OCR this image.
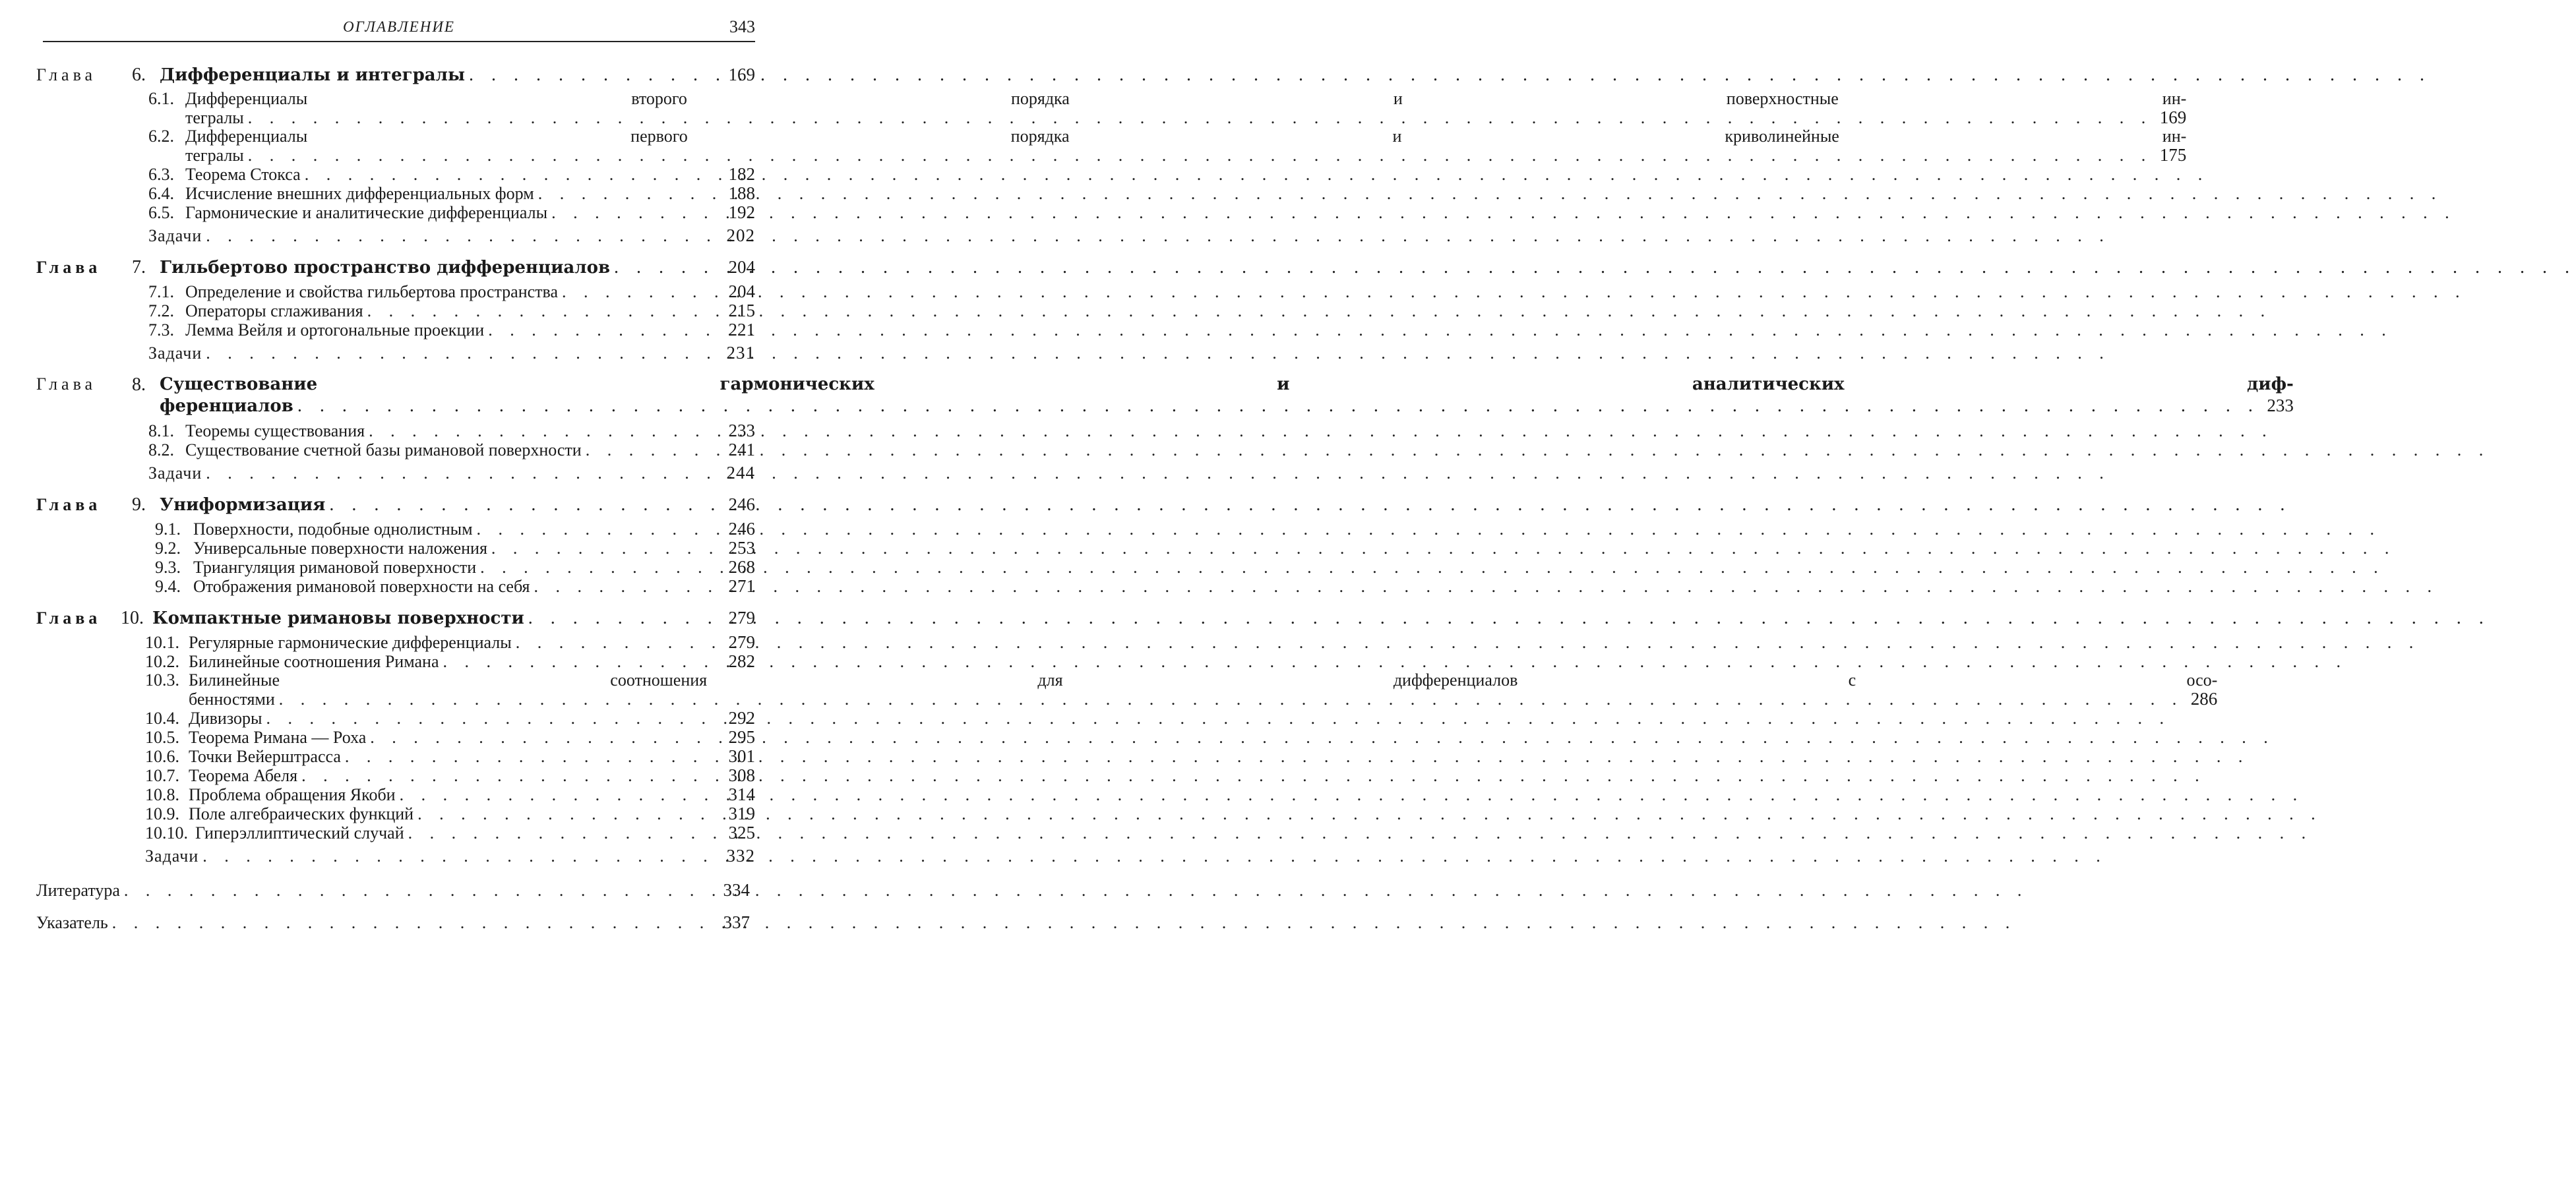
ОГЛАВЛЕНИЕ	343
Глава	6. Дифференциалы и интегралы . . .	169
6.1. Дифференциалы второго порядка и поверхностные ин-
тегралы . . .	169
6.2. Дифференциалы первого порядка и криволинейные ин-
тегралы . . .	175
6.3. Теорема Стокса . . .	182
6.4. Исчисление внешних дифференциальных форм . . .	188
6.5. Гармонические и аналитические дифференциалы . . .	192
Задачи . . .	202
Глава	7. Гильбертово пространство дифференциалов . . .	204
7.1. Определение и свойства гильбертова пространства . . .	204
7.2. Операторы сглаживания . . .	215
7.3. Лемма Вейля и ортогональные проекции . . .	221
Задачи . . .	231
Глава	8. Существование гармонических и аналитических диф-
ференциалов . . .	233
8.1. Теоремы существования . . .	233
8.2. Существование счетной базы римановой поверхности . . .	241
Задачи . . .	244
Глава	9. Униформизация . . .	246
9.1. Поверхности, подобные однолистным . . .	246
9.2. Универсальные поверхности наложения . . .	253
9.3. Триангуляция римановой поверхности . . .	268
9.4. Отображения римановой поверхности на себя . . .	271
Глава	10. Компактные римановы поверхности . . .	279
10.1. Регулярные гармонические дифференциалы . . .	279
10.2. Билинейные соотношения Римана . . .	282
10.3. Билинейные соотношения для дифференциалов с осо-
бенностями . . .	286
10.4. Дивизоры . . .	292
10.5. Теорема Римана — Роха . . .	295
10.6. Точки Вейерштрасса . . .	301
10.7. Теорема Абеля . . .	308
10.8. Проблема обращения Якоби . . .	314
10.9. Поле алгебраических функций . . .	319
10.10. Гиперэллиптический случай . . .	325
Задачи . . .	332
Литература . . .	334
Указатель . . .	337
